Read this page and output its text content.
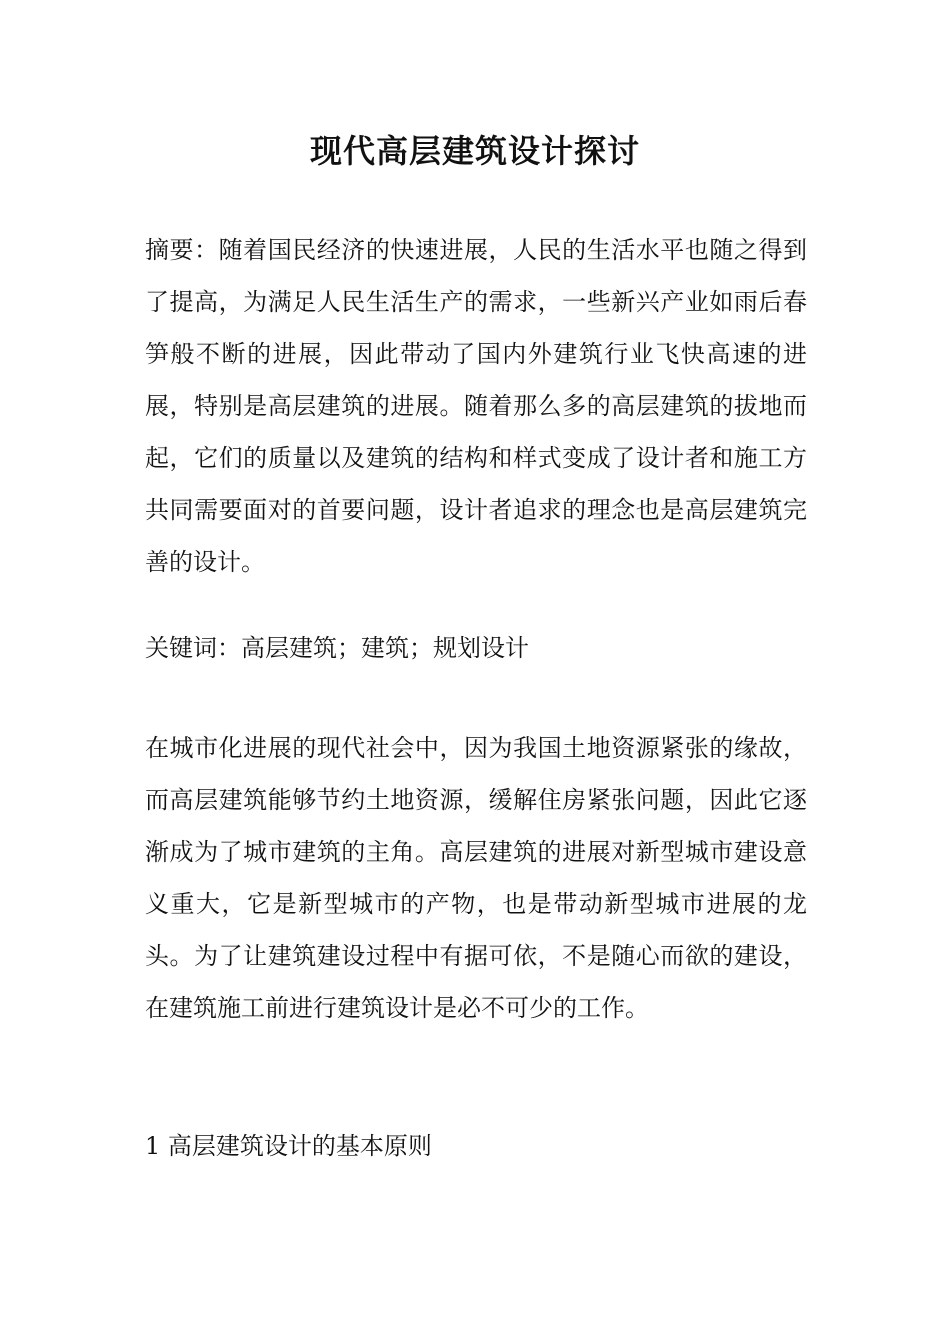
现代高层建筑设计探讨

摘要：随着国民经济的快速进展，人民的生活水平也随之得到了提高，为满足人民生活生产的需求，一些新兴产业如雨后春笋般不断的进展，因此带动了国内外建筑行业飞快高速的进展，特别是高层建筑的进展。随着那么多的高层建筑的拔地而起，它们的质量以及建筑的结构和样式变成了设计者和施工方共同需要面对的首要问题，设计者追求的理念也是高层建筑完善的设计。

关键词：高层建筑；建筑；规划设计

在城市化进展的现代社会中，因为我国土地资源紧张的缘故，而高层建筑能够节约土地资源，缓解住房紧张问题，因此它逐渐成为了城市建筑的主角。高层建筑的进展对新型城市建设意义重大，它是新型城市的产物，也是带动新型城市进展的龙头。为了让建筑建设过程中有据可依，不是随心而欲的建设，在建筑施工前进行建筑设计是必不可少的工作。

1 高层建筑设计的基本原则
